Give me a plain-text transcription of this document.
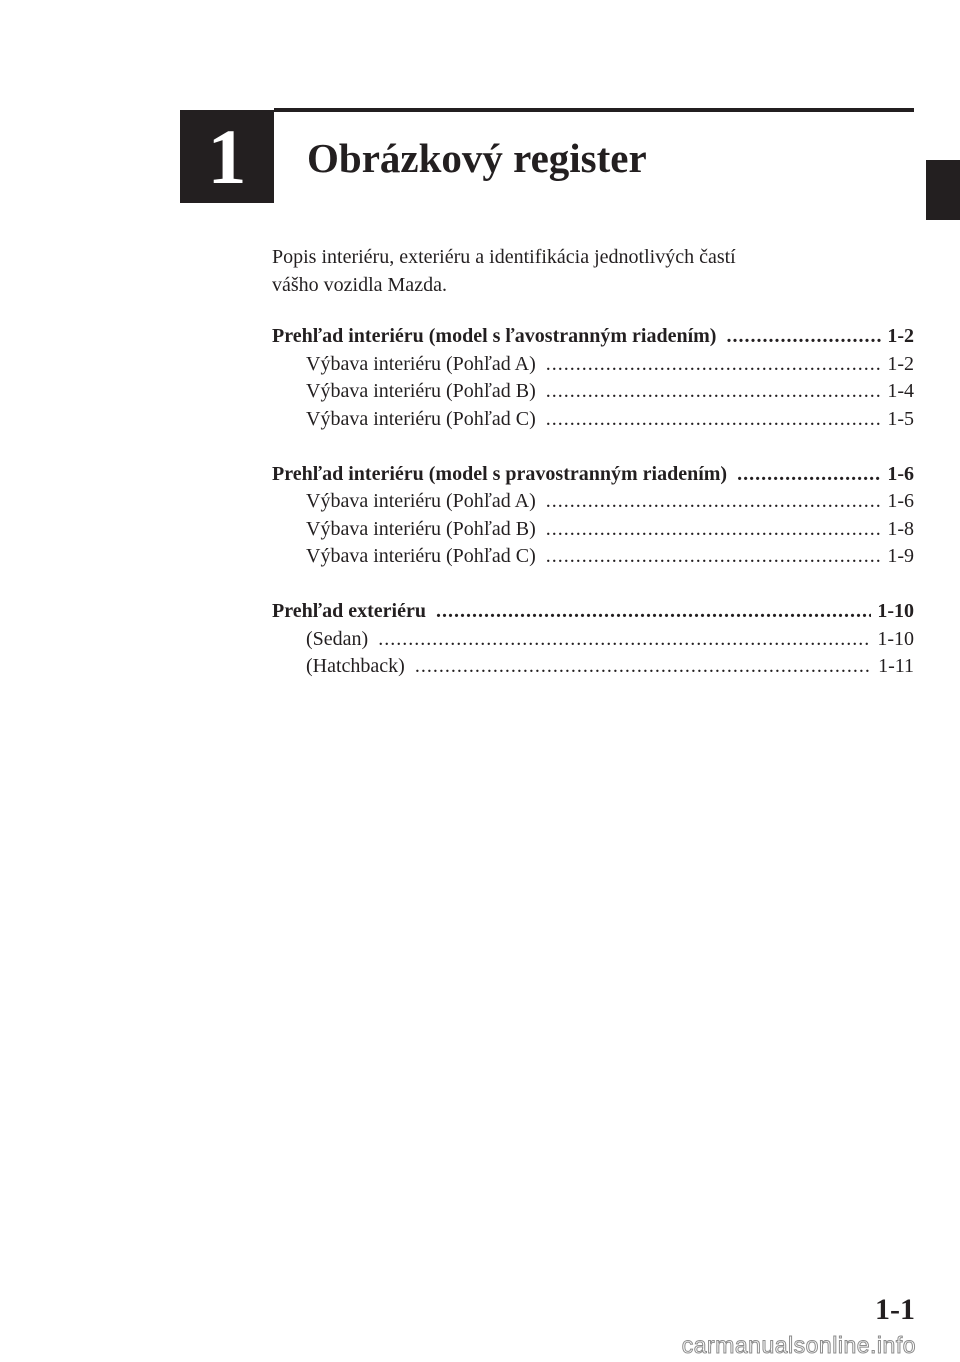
1	Obrázkový register

Popis interiéru, exteriéru a identifikácia jednotlivých častí

vášho vozidla Mazda.

Prehľad interiéru (model s ľavostranným riadením) .....	1-2
Výbava interiéru (Pohľad A) .....	1-2
Výbava interiéru (Pohľad B) .....	1-4
Výbava interiéru (Pohľad C) .....	1-5
Prehľad interiéru (model s pravostranným riadením) .....	1-6
Výbava interiéru (Pohľad A) .....	1-6
Výbava interiéru (Pohľad B) .....	1-8
Výbava interiéru (Pohľad C) .....	1-9
Prehľad exteriéru .....	1-10
(Sedan) .....	1-10
(Hatchback) .....	1-11
1-1
carmanualsonline.info
